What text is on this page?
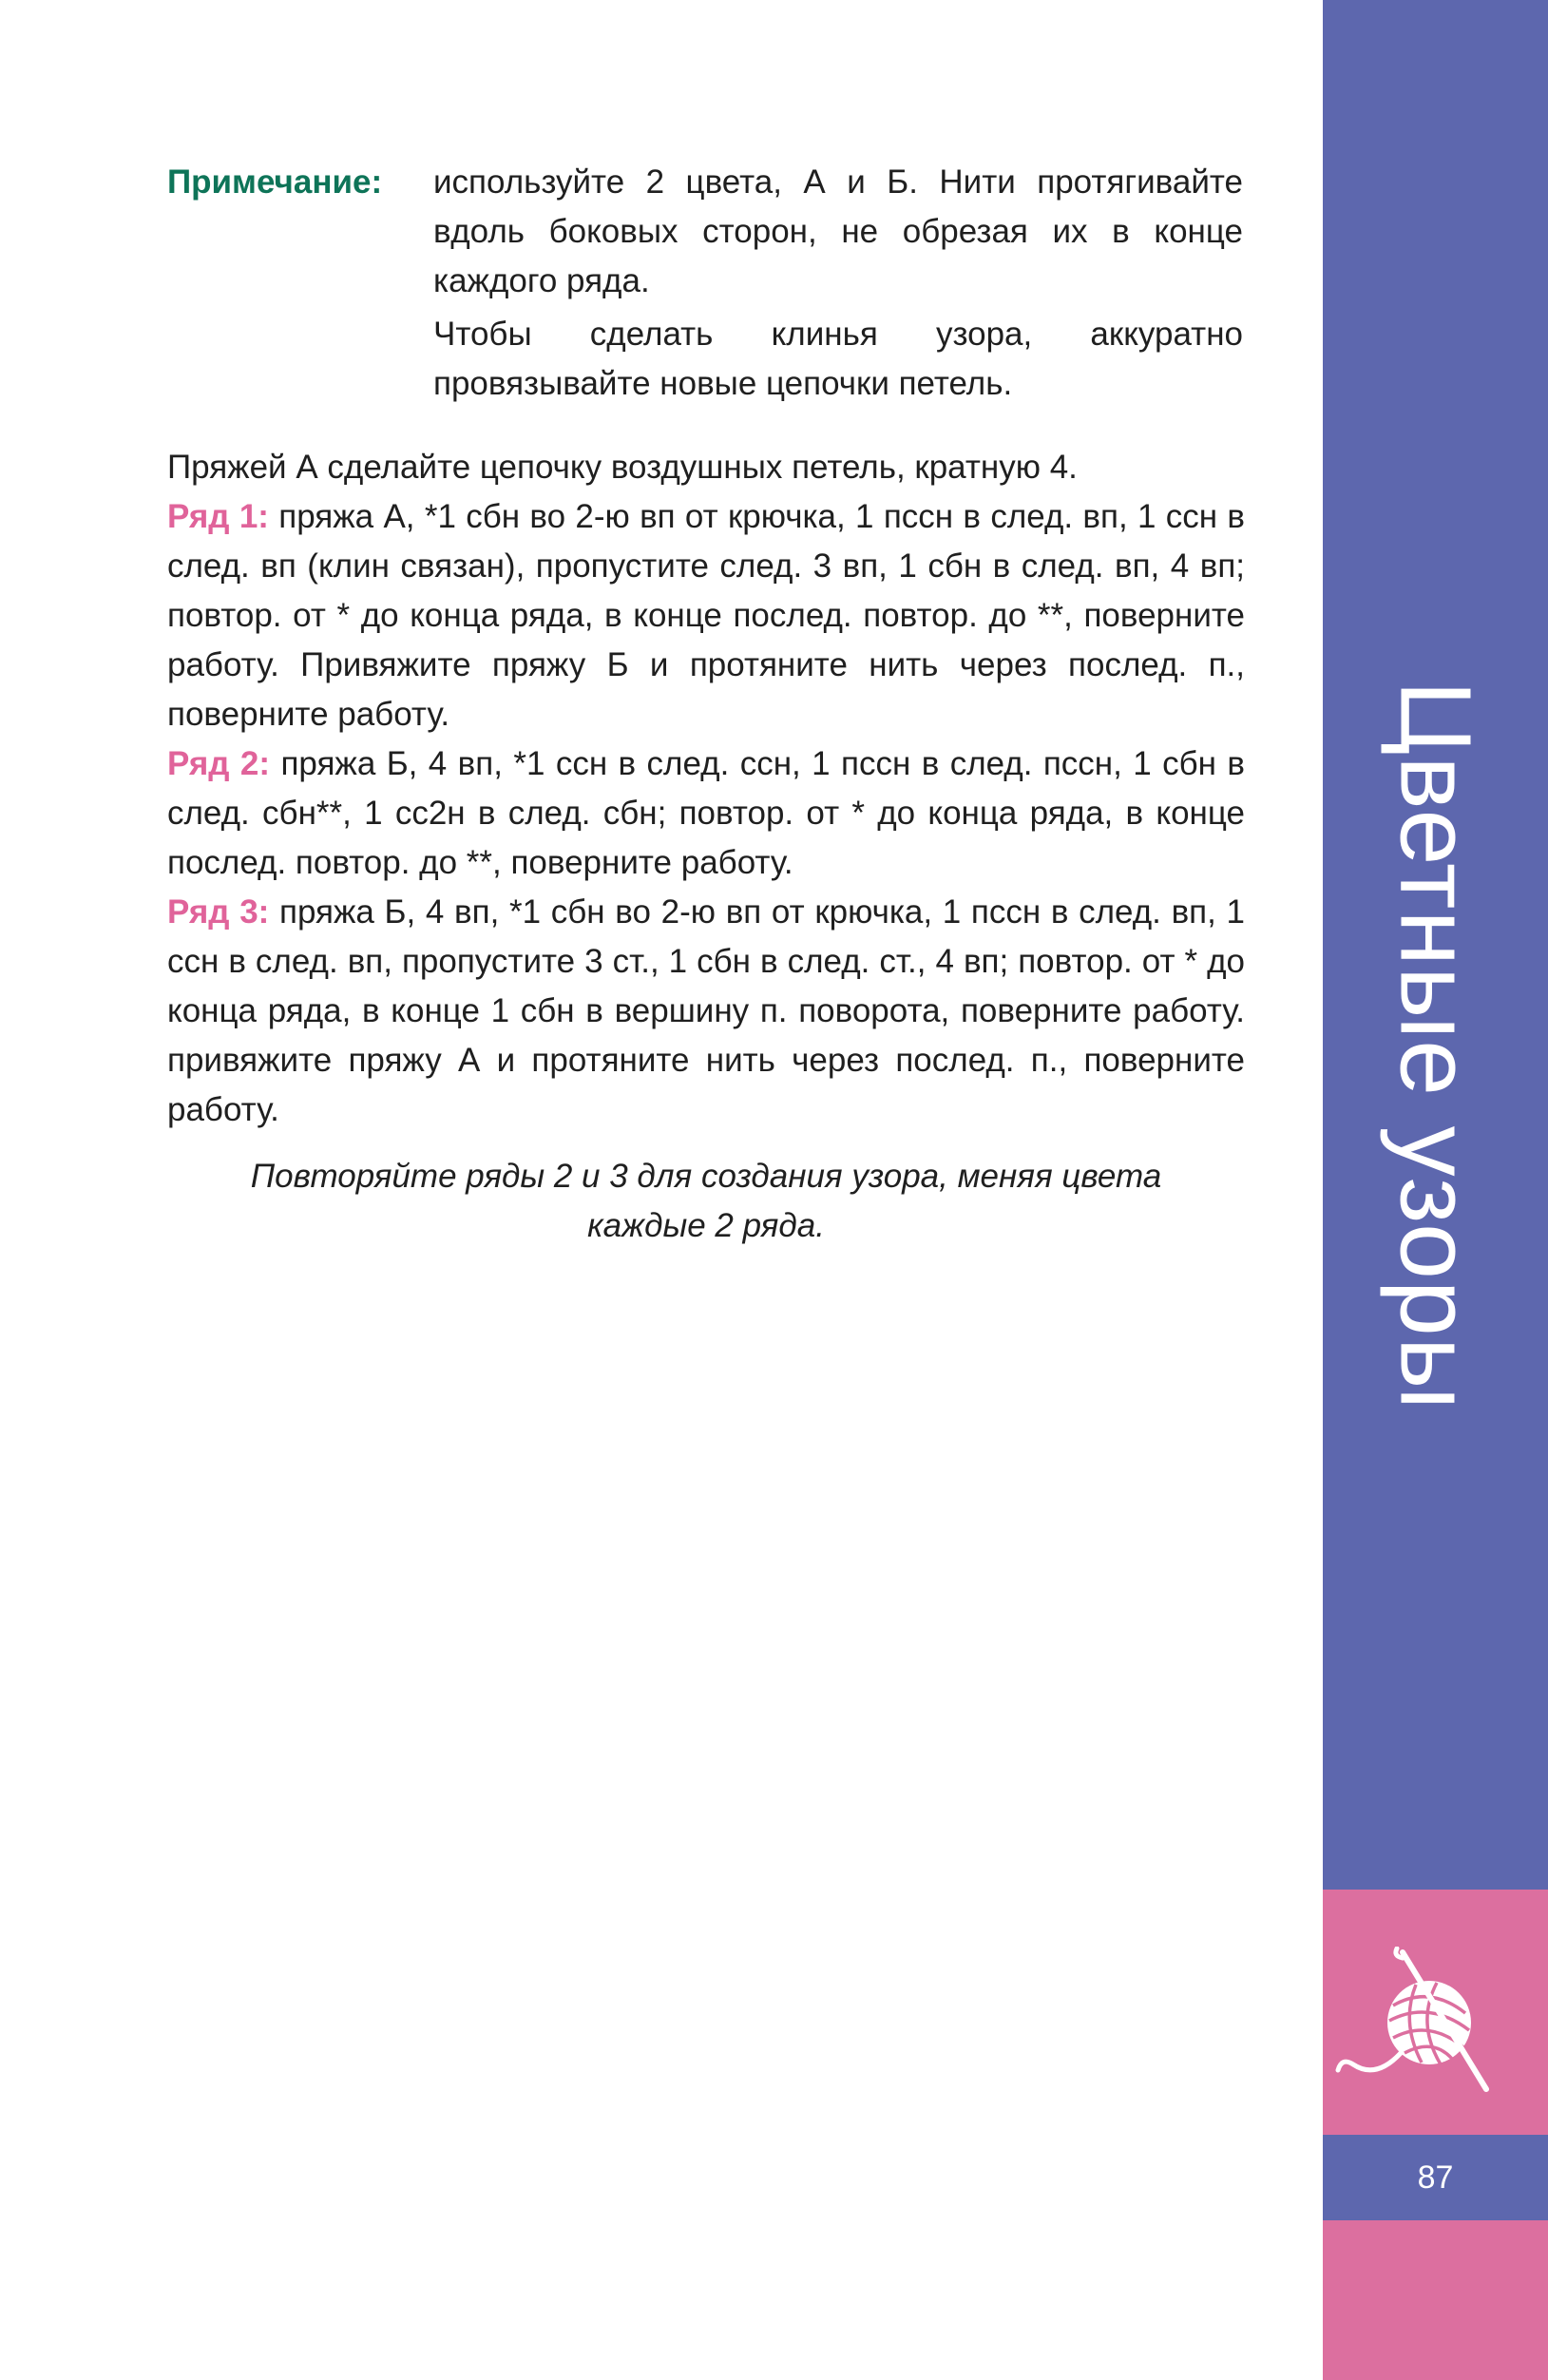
Примечание: используйте 2 цвета, А и Б. Нити протягивайте вдоль боковых сторон, не обрезая их в конце каждого ряда.

Чтобы сделать клинья узора, аккуратно провязывайте новые цепочки петель.

Пряжей А сделайте цепочку воздушных петель, кратную 4.

Ряд 1: пряжа А, *1 сбн во 2-ю вп от крючка, 1 пссн в след. вп, 1 ссн в след. вп (клин связан), пропустите след. 3 вп, 1 сбн в след. вп, 4 вп; повтор. от * до конца ряда, в конце послед. повтор. до **, поверните работу. Привяжите пряжу Б и протяните нить через послед. п., поверните работу.

Ряд 2: пряжа Б, 4 вп, *1 ссн в след. ссн, 1 пссн в след. пссн, 1 сбн в след. сбн**, 1 сс2н в след. сбн; повтор. от * до конца ряда, в конце послед. повтор. до **, поверните работу.

Ряд 3: пряжа Б, 4 вп, *1 сбн во 2-ю вп от крючка, 1 пссн в след. вп, 1 ссн в след. вп, пропустите 3 ст., 1 сбн в след. ст., 4 вп; повтор. от * до конца ряда, в конце 1 сбн в вершину п. поворота, поверните работу. привяжите пряжу А и протяните нить через послед. п., поверните работу.

Повторяйте ряды 2 и 3 для создания узора, меняя цвета каждые 2 ряда.	Цветные узоры
87
